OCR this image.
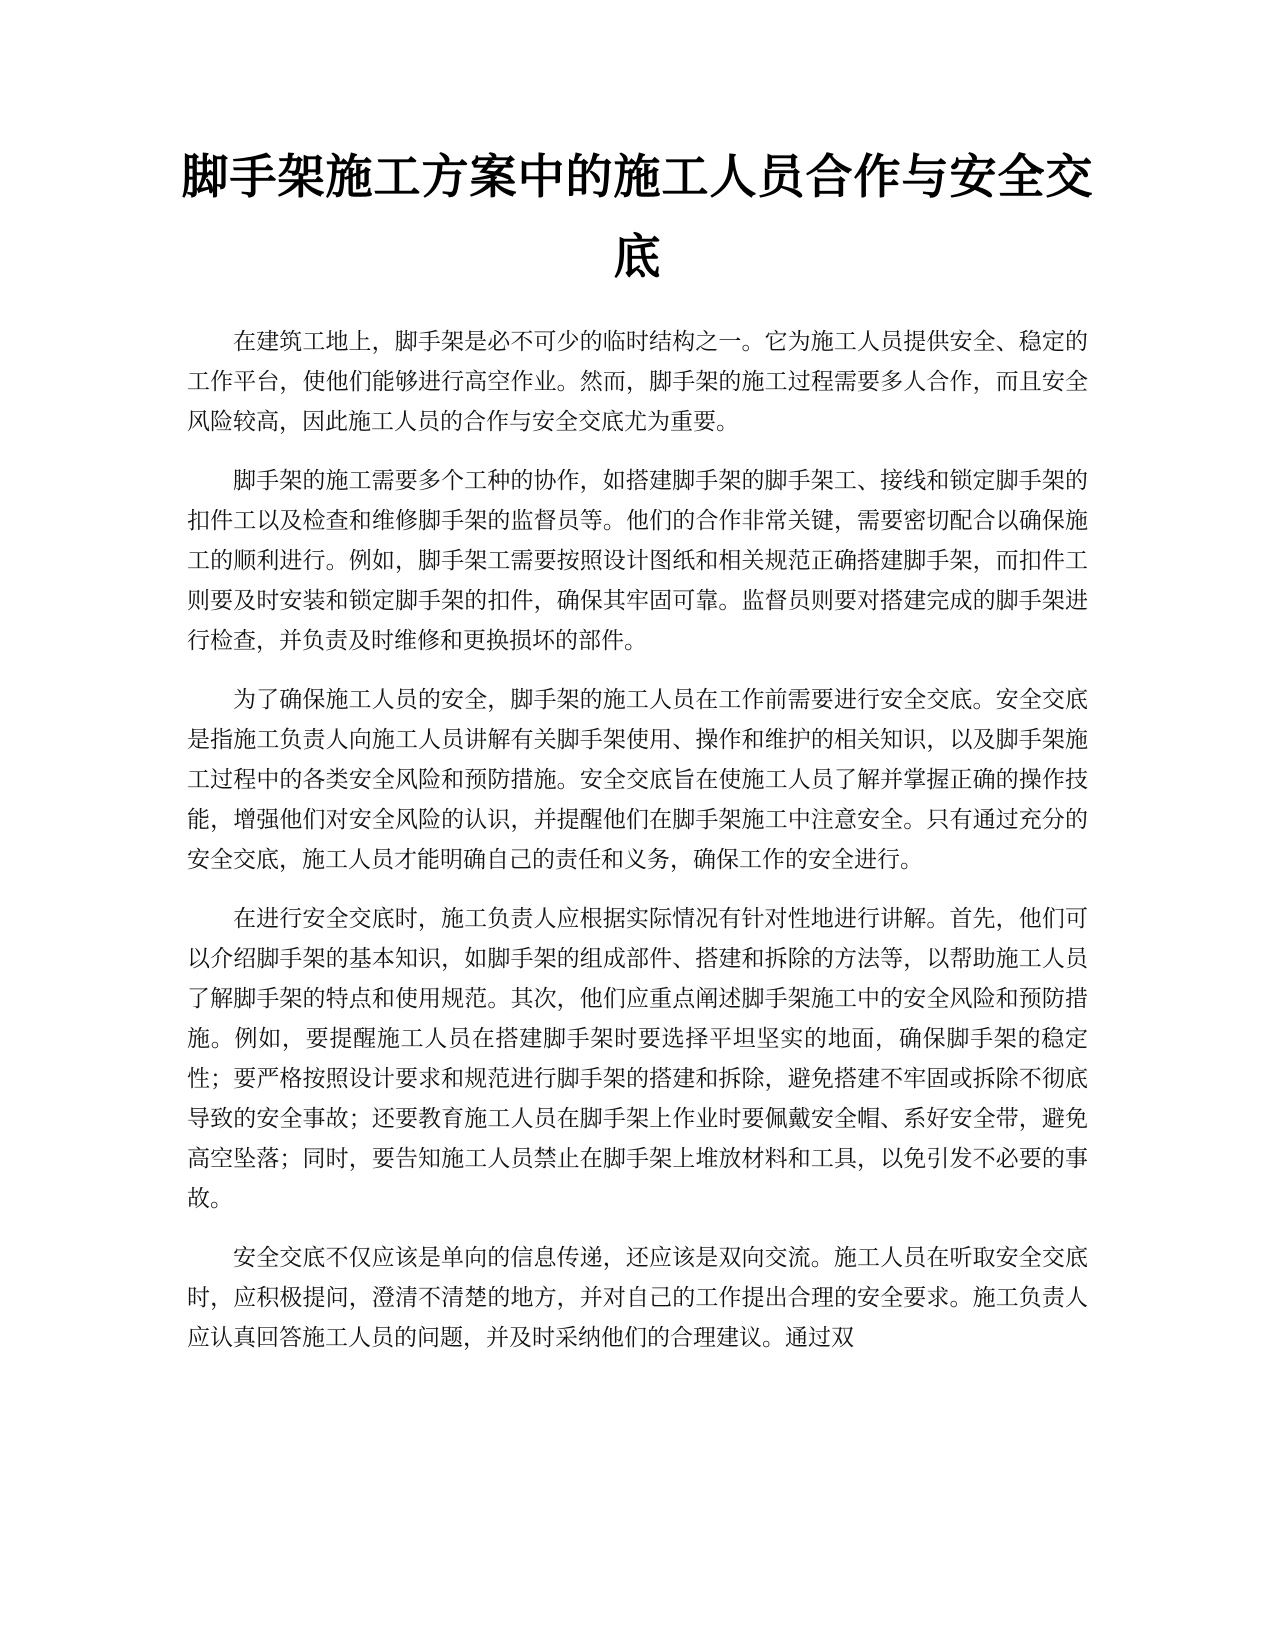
脚手架施工方案中的施工人员合作与安全交底

在建筑工地上，脚手架是必不可少的临时结构之一。它为施工人员提供安全、稳定的工作平台，使他们能够进行高空作业。然而，脚手架的施工过程需要多人合作，而且安全风险较高，因此施工人员的合作与安全交底尤为重要。

脚手架的施工需要多个工种的协作，如搭建脚手架的脚手架工、接线和锁定脚手架的扣件工以及检查和维修脚手架的监督员等。他们的合作非常关键，需要密切配合以确保施工的顺利进行。例如，脚手架工需要按照设计图纸和相关规范正确搭建脚手架，而扣件工则要及时安装和锁定脚手架的扣件，确保其牢固可靠。监督员则要对搭建完成的脚手架进行检查，并负责及时维修和更换损坏的部件。

为了确保施工人员的安全，脚手架的施工人员在工作前需要进行安全交底。安全交底是指施工负责人向施工人员讲解有关脚手架使用、操作和维护的相关知识，以及脚手架施工过程中的各类安全风险和预防措施。安全交底旨在使施工人员了解并掌握正确的操作技能，增强他们对安全风险的认识，并提醒他们在脚手架施工中注意安全。只有通过充分的安全交底，施工人员才能明确自己的责任和义务，确保工作的安全进行。

在进行安全交底时，施工负责人应根据实际情况有针对性地进行讲解。首先，他们可以介绍脚手架的基本知识，如脚手架的组成部件、搭建和拆除的方法等，以帮助施工人员了解脚手架的特点和使用规范。其次，他们应重点阐述脚手架施工中的安全风险和预防措施。例如，要提醒施工人员在搭建脚手架时要选择平坦坚实的地面，确保脚手架的稳定性；要严格按照设计要求和规范进行脚手架的搭建和拆除，避免搭建不牢固或拆除不彻底导致的安全事故；还要教育施工人员在脚手架上作业时要佩戴安全帽、系好安全带，避免高空坠落；同时，要告知施工人员禁止在脚手架上堆放材料和工具，以免引发不必要的事故。

安全交底不仅应该是单向的信息传递，还应该是双向交流。施工人员在听取安全交底时，应积极提问，澄清不清楚的地方，并对自己的工作提出合理的安全要求。施工负责人应认真回答施工人员的问题，并及时采纳他们的合理建议。通过双
